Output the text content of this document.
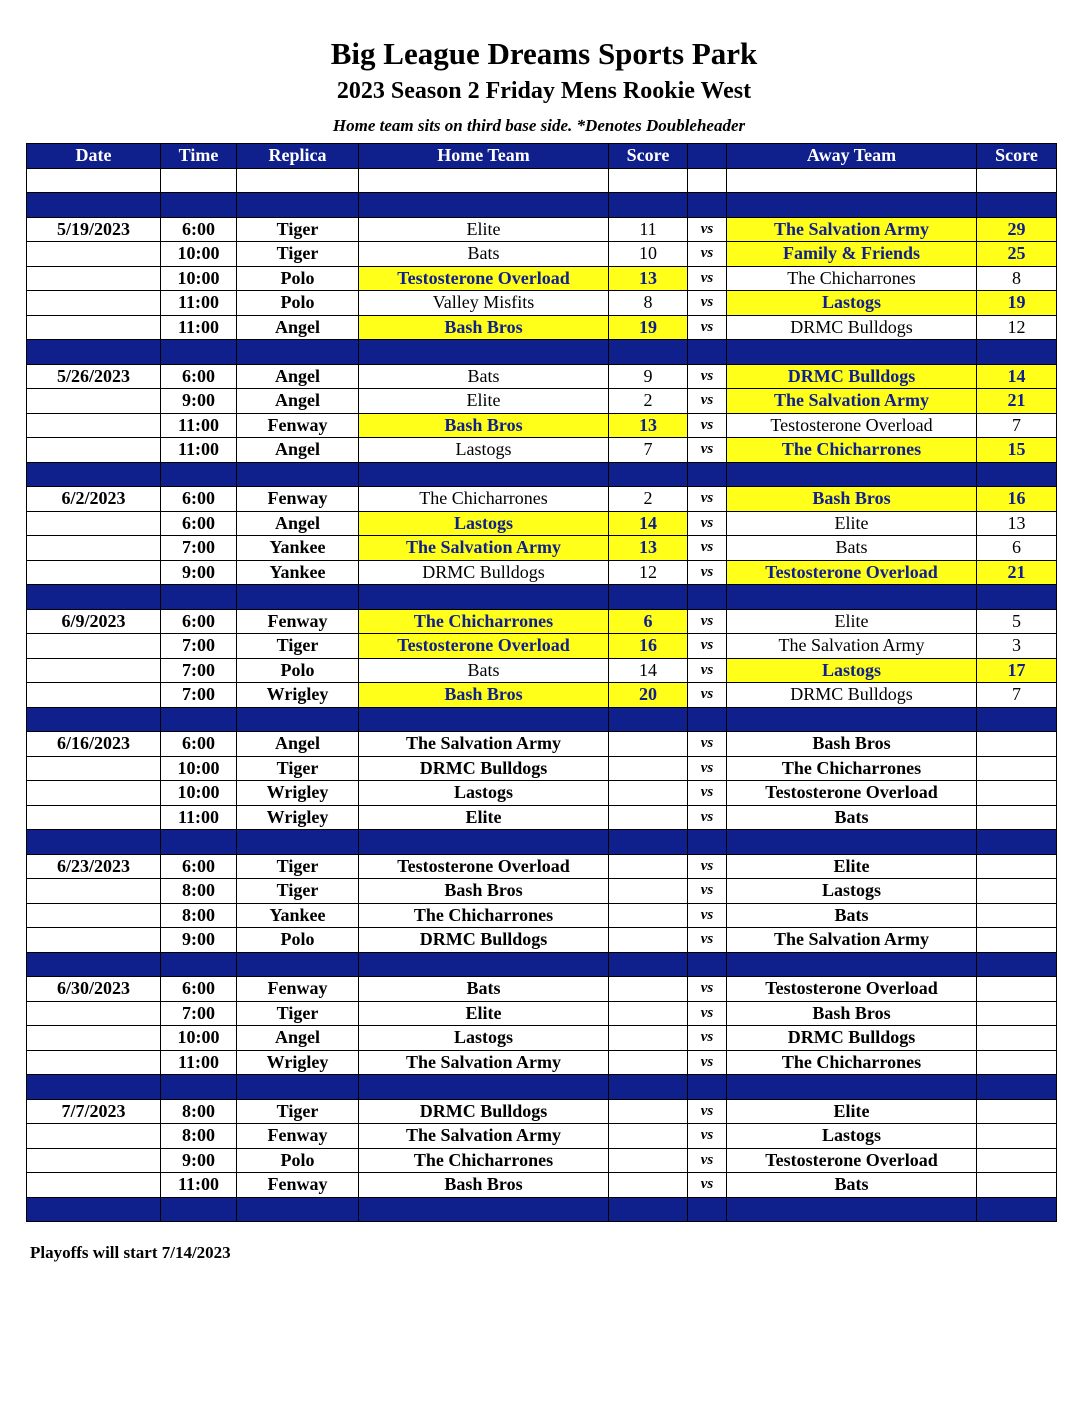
Big League Dreams Sports Park
2023 Season 2 Friday Mens Rookie West
Home team sits on third base side. *Denotes Doubleheader
Date	Time	Replica	Home Team	Score		Away Team	Score

5/19/2023	6:00	Tiger	Elite	11	vs	The Salvation Army	29
	10:00	Tiger	Bats	10	vs	Family & Friends	25
	10:00	Polo	Testosterone Overload	13	vs	The Chicharrones	8
	11:00	Polo	Valley Misfits	8	vs	Lastogs	19
	11:00	Angel	Bash Bros	19	vs	DRMC Bulldogs	12

5/26/2023	6:00	Angel	Bats	9	vs	DRMC Bulldogs	14
	9:00	Angel	Elite	2	vs	The Salvation Army	21
	11:00	Fenway	Bash Bros	13	vs	Testosterone Overload	7
	11:00	Angel	Lastogs	7	vs	The Chicharrones	15

6/2/2023	6:00	Fenway	The Chicharrones	2	vs	Bash Bros	16
	6:00	Angel	Lastogs	14	vs	Elite	13
	7:00	Yankee	The Salvation Army	13	vs	Bats	6
	9:00	Yankee	DRMC Bulldogs	12	vs	Testosterone Overload	21

6/9/2023	6:00	Fenway	The Chicharrones	6	vs	Elite	5
	7:00	Tiger	Testosterone Overload	16	vs	The Salvation Army	3
	7:00	Polo	Bats	14	vs	Lastogs	17
	7:00	Wrigley	Bash Bros	20	vs	DRMC Bulldogs	7

6/16/2023	6:00	Angel	The Salvation Army		vs	Bash Bros	
	10:00	Tiger	DRMC Bulldogs		vs	The Chicharrones	
	10:00	Wrigley	Lastogs		vs	Testosterone Overload	
	11:00	Wrigley	Elite		vs	Bats	

6/23/2023	6:00	Tiger	Testosterone Overload		vs	Elite	
	8:00	Tiger	Bash Bros		vs	Lastogs	
	8:00	Yankee	The Chicharrones		vs	Bats	
	9:00	Polo	DRMC Bulldogs		vs	The Salvation Army	

6/30/2023	6:00	Fenway	Bats		vs	Testosterone Overload	
	7:00	Tiger	Elite		vs	Bash Bros	
	10:00	Angel	Lastogs		vs	DRMC Bulldogs	
	11:00	Wrigley	The Salvation Army		vs	The Chicharrones	

7/7/2023	8:00	Tiger	DRMC Bulldogs		vs	Elite	
	8:00	Fenway	The Salvation Army		vs	Lastogs	
	9:00	Polo	The Chicharrones		vs	Testosterone Overload	
	11:00	Fenway	Bash Bros		vs	Bats	

Playoffs will start 7/14/2023
